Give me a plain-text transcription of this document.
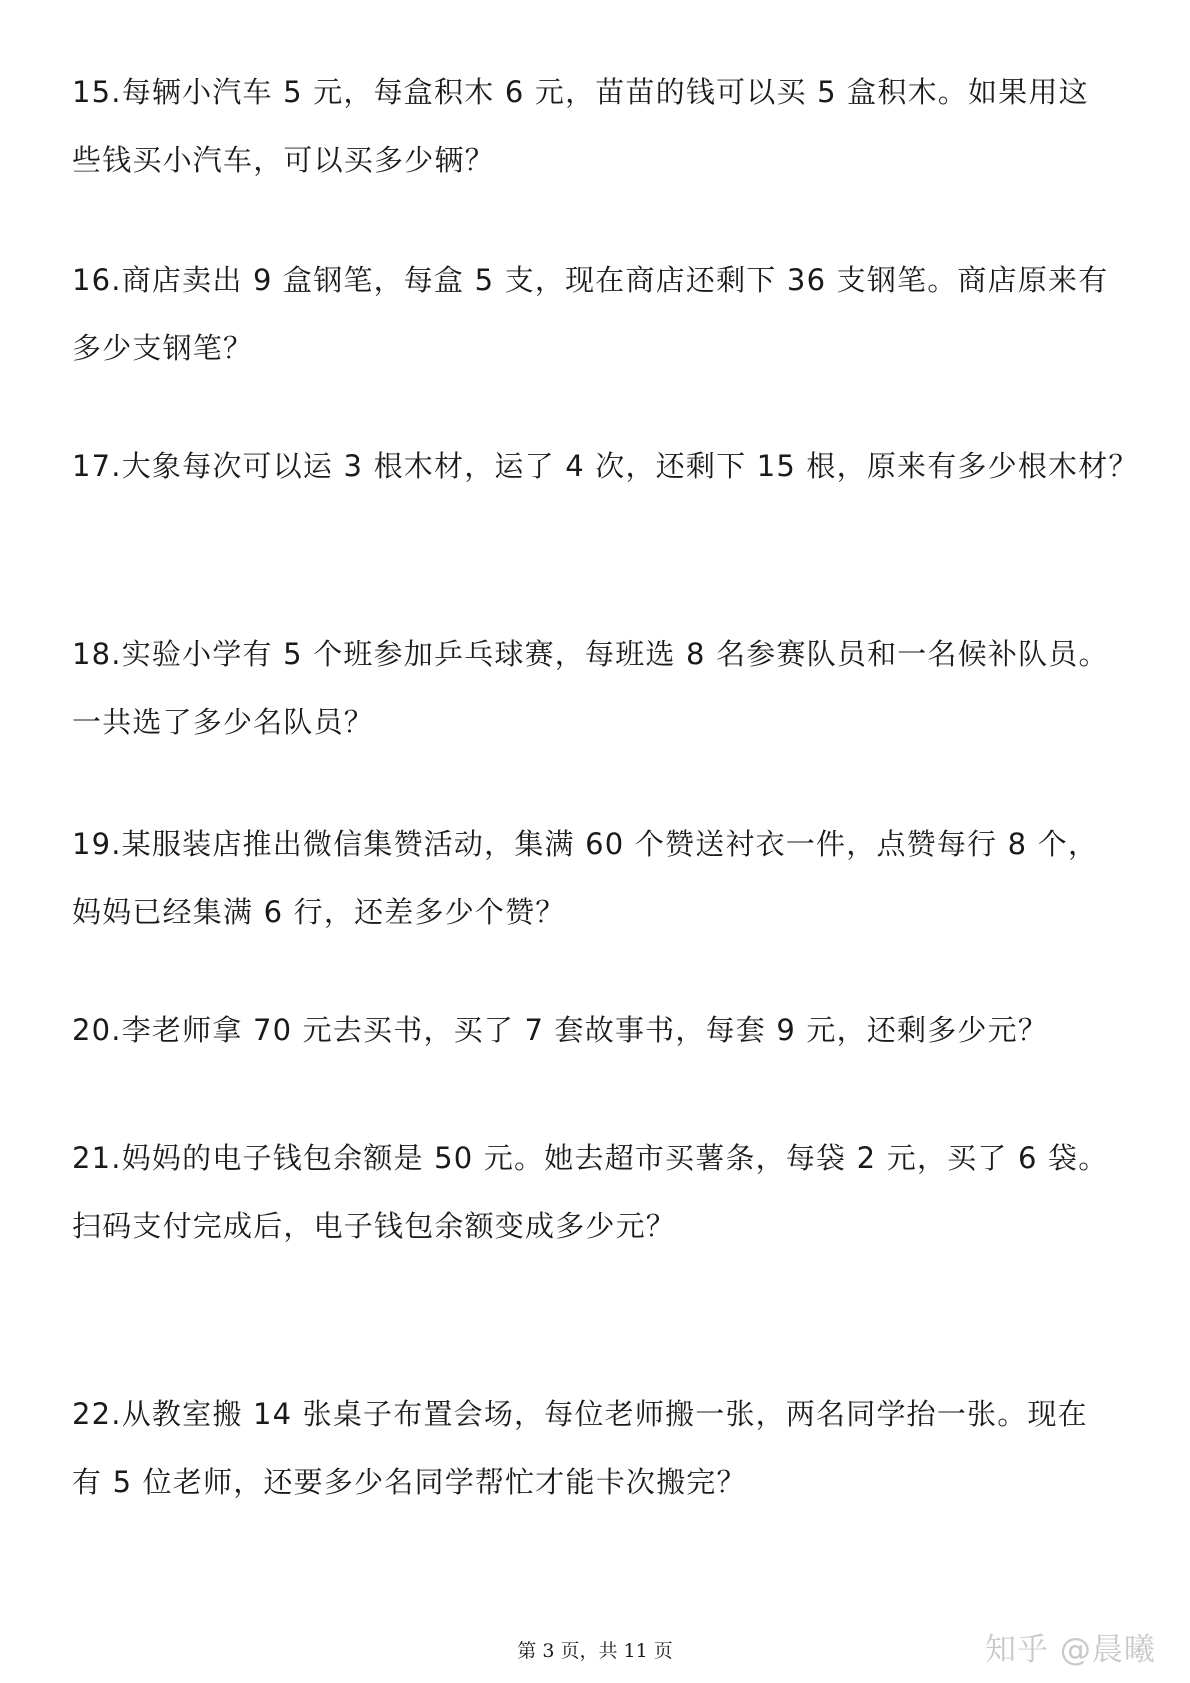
15.每辆小汽车 5 元，每盒积木 6 元，苗苗的钱可以买 5 盒积木。如果用这
些钱买小汽车，可以买多少辆？
16.商店卖出 9 盒钢笔，每盒 5 支，现在商店还剩下 36 支钢笔。商店原来有
多少支钢笔？
17.大象每次可以运 3 根木材，运了 4 次，还剩下 15 根，原来有多少根木材？
18.实验小学有 5 个班参加乒乓球赛，每班选 8 名参赛队员和一名候补队员。
一共选了多少名队员？
19.某服装店推出微信集赞活动，集满 60 个赞送衬衣一件，点赞每行 8 个，
妈妈已经集满 6 行，还差多少个赞？
20.李老师拿 70 元去买书，买了 7 套故事书，每套 9 元，还剩多少元？
21.妈妈的电子钱包余额是 50 元。她去超市买薯条，每袋 2 元，买了 6 袋。
扫码支付完成后，电子钱包余额变成多少元？
22.从教室搬 14 张桌子布置会场，每位老师搬一张，两名同学抬一张。现在
有 5 位老师，还要多少名同学帮忙才能卡次搬完？
第 3 页，共 11 页	知乎 @晨曦
